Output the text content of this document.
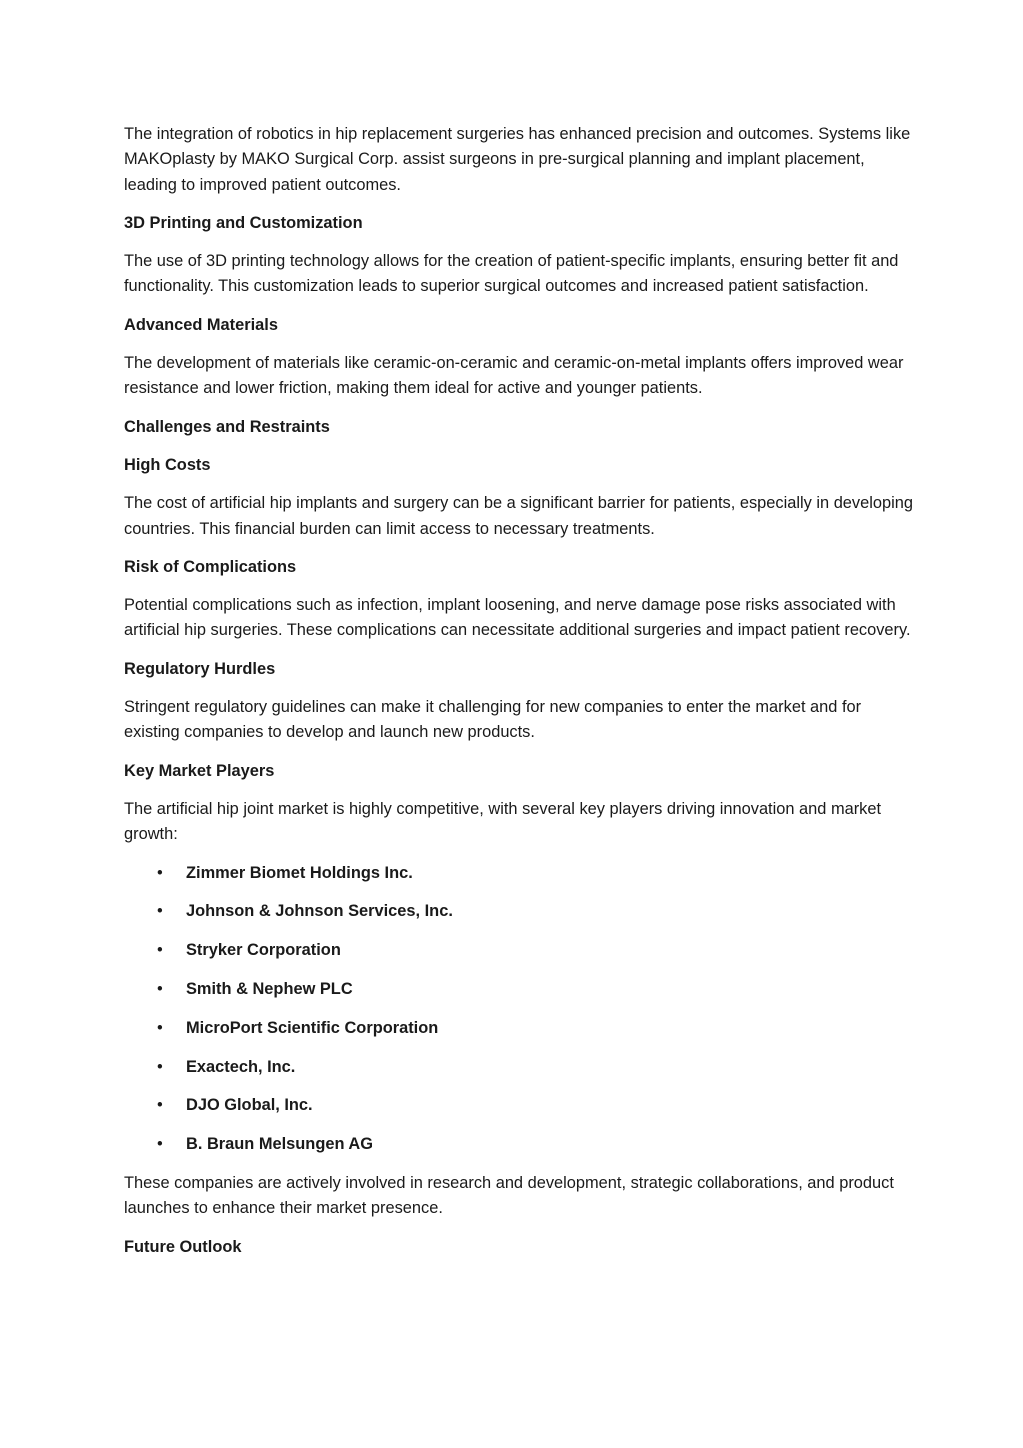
The integration of robotics in hip replacement surgeries has enhanced precision and outcomes. Systems like MAKOplasty by MAKO Surgical Corp. assist surgeons in pre-surgical planning and implant placement, leading to improved patient outcomes.

3D Printing and Customization

The use of 3D printing technology allows for the creation of patient-specific implants, ensuring better fit and functionality. This customization leads to superior surgical outcomes and increased patient satisfaction.

Advanced Materials

The development of materials like ceramic-on-ceramic and ceramic-on-metal implants offers improved wear resistance and lower friction, making them ideal for active and younger patients.

Challenges and Restraints

High Costs

The cost of artificial hip implants and surgery can be a significant barrier for patients, especially in developing countries. This financial burden can limit access to necessary treatments.

Risk of Complications

Potential complications such as infection, implant loosening, and nerve damage pose risks associated with artificial hip surgeries. These complications can necessitate additional surgeries and impact patient recovery.

Regulatory Hurdles

Stringent regulatory guidelines can make it challenging for new companies to enter the market and for existing companies to develop and launch new products.

Key Market Players

The artificial hip joint market is highly competitive, with several key players driving innovation and market growth:

• Zimmer Biomet Holdings Inc.
• Johnson & Johnson Services, Inc.
• Stryker Corporation
• Smith & Nephew PLC
• MicroPort Scientific Corporation
• Exactech, Inc.
• DJO Global, Inc.
• B. Braun Melsungen AG

These companies are actively involved in research and development, strategic collaborations, and product launches to enhance their market presence.

Future Outlook
